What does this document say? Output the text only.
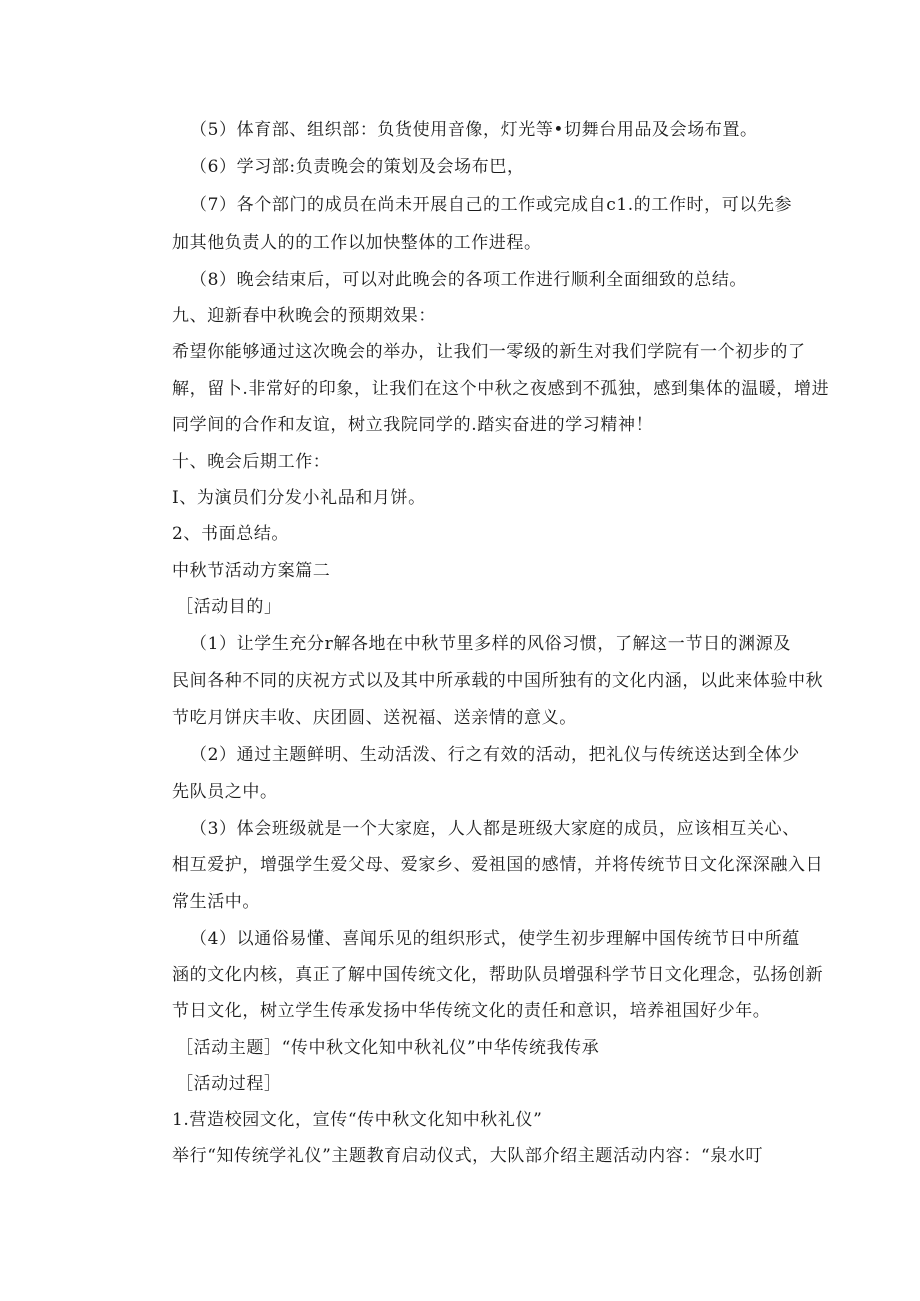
（5）体育部、组织部：负货使用音像，灯光等•切舞台用品及会场布置。
（6）学习部:负责晚会的策划及会场布巴，
（7）各个部门的成员在尚未开展自己的工作或完成自c1.的工作时，可以先参
加其他负责人的的工作以加快整体的工作进程。
（8）晚会结束后，可以对此晚会的各项工作进行顺利全面细致的总结。
九、迎新春中秋晚会的预期效果：
希望你能够通过这次晚会的举办，让我们一零级的新生对我们学院有一个初步的了
解，留卜.非常好的印象，让我们在这个中秋之夜感到不孤独，感到集体的温暖，增进
同学间的合作和友谊，树立我院同学的.踏实奋进的学习精神！
十、晚会后期工作：
I、为演员们分发小礼品和月饼。
2、书面总结。
中秋节活动方案篇二
［活动目的」
（1）让学生充分r解各地在中秋节里多样的风俗习惯，了解这一节日的渊源及
民间各种不同的庆祝方式以及其中所承载的中国所独有的文化内涵，以此来体验中秋
节吃月饼庆丰收、庆团圆、送祝福、送亲情的意义。
（2）通过主题鲜明、生动活泼、行之有效的活动，把礼仪与传统送达到全体少
先队员之中。
（3）体会班级就是一个大家庭，人人都是班级大家庭的成员，应该相互关心、
相互爱护，增强学生爱父母、爱家乡、爱祖国的感情，并将传统节日文化深深融入日
常生活中。
（4）以通俗易懂、喜闻乐见的组织形式，使学生初步理解中国传统节日中所蕴
涵的文化内核，真正了解中国传统文化，帮助队员增强科学节日文化理念，弘扬创新
节日文化，树立学生传承发扬中华传统文化的责任和意识，培养祖国好少年。
［活动主题］“传中秋文化知中秋礼仪”中华传统我传承
［活动过程］
1.营造校园文化，宣传“传中秋文化知中秋礼仪”
举行“知传统学礼仪”主题教育启动仪式，大队部介绍主题活动内容：“泉水叮
